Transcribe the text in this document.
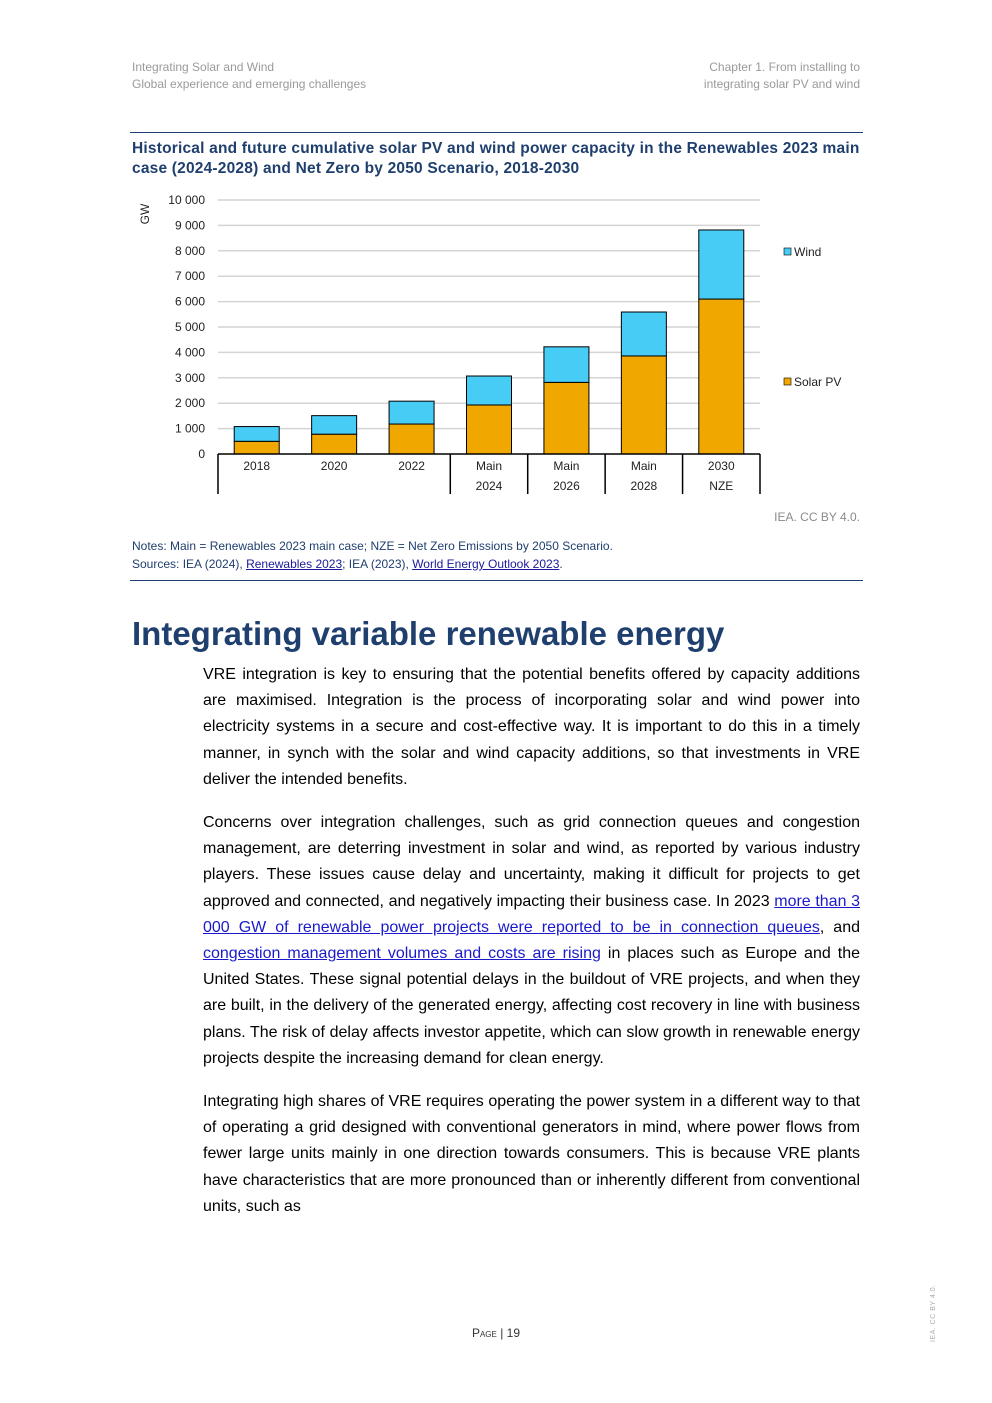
Integrating Solar and Wind
Global experience and emerging challenges
Chapter 1. From installing to
integrating solar PV and wind
Historical and future cumulative solar PV and wind power capacity in the Renewables 2023 main case (2024-2028) and Net Zero by 2050 Scenario, 2018-2030
0
1 000
2 000
3 000
4 000
5 000
6 000
7 000
8 000
9 000
10 000
GW
2018	2020	2022	Main
2024
Main
2026
Main
2028
2030
NZE
Solar PV
Wind
IEA. CC BY 4.0.
Notes: Main = Renewables 2023 main case; NZE = Net Zero Emissions by 2050 Scenario.
Sources: IEA (2024), Renewables 2023; IEA (2023), World Energy Outlook 2023.
Integrating variable renewable energy

VRE integration is key to ensuring that the potential benefits offered by capacity additions are maximised. Integration is the process of incorporating solar and wind power into electricity systems in a secure and cost-effective way. It is important to do this in a timely manner, in synch with the solar and wind capacity additions, so that investments in VRE deliver the intended benefits.

Concerns over integration challenges, such as grid connection queues and congestion management, are deterring investment in solar and wind, as reported by various industry players. These issues cause delay and uncertainty, making it difficult for projects to get approved and connected, and negatively impacting their business case. In 2023 more than 3 000 GW of renewable power projects were reported to be in connection queues, and congestion management volumes and costs are rising in places such as Europe and the United States. These signal potential delays in the buildout of VRE projects, and when they are built, in the delivery of the generated energy, affecting cost recovery in line with business plans. The risk of delay affects investor appetite, which can slow growth in renewable energy projects despite the increasing demand for clean energy.

Integrating high shares of VRE requires operating the power system in a different way to that of operating a grid designed with conventional generators in mind, where power flows from fewer large units mainly in one direction towards consumers. This is because VRE plants have characteristics that are more pronounced than or inherently different from conventional units, such as

Page | 19	IEA. CC BY 4.0.
